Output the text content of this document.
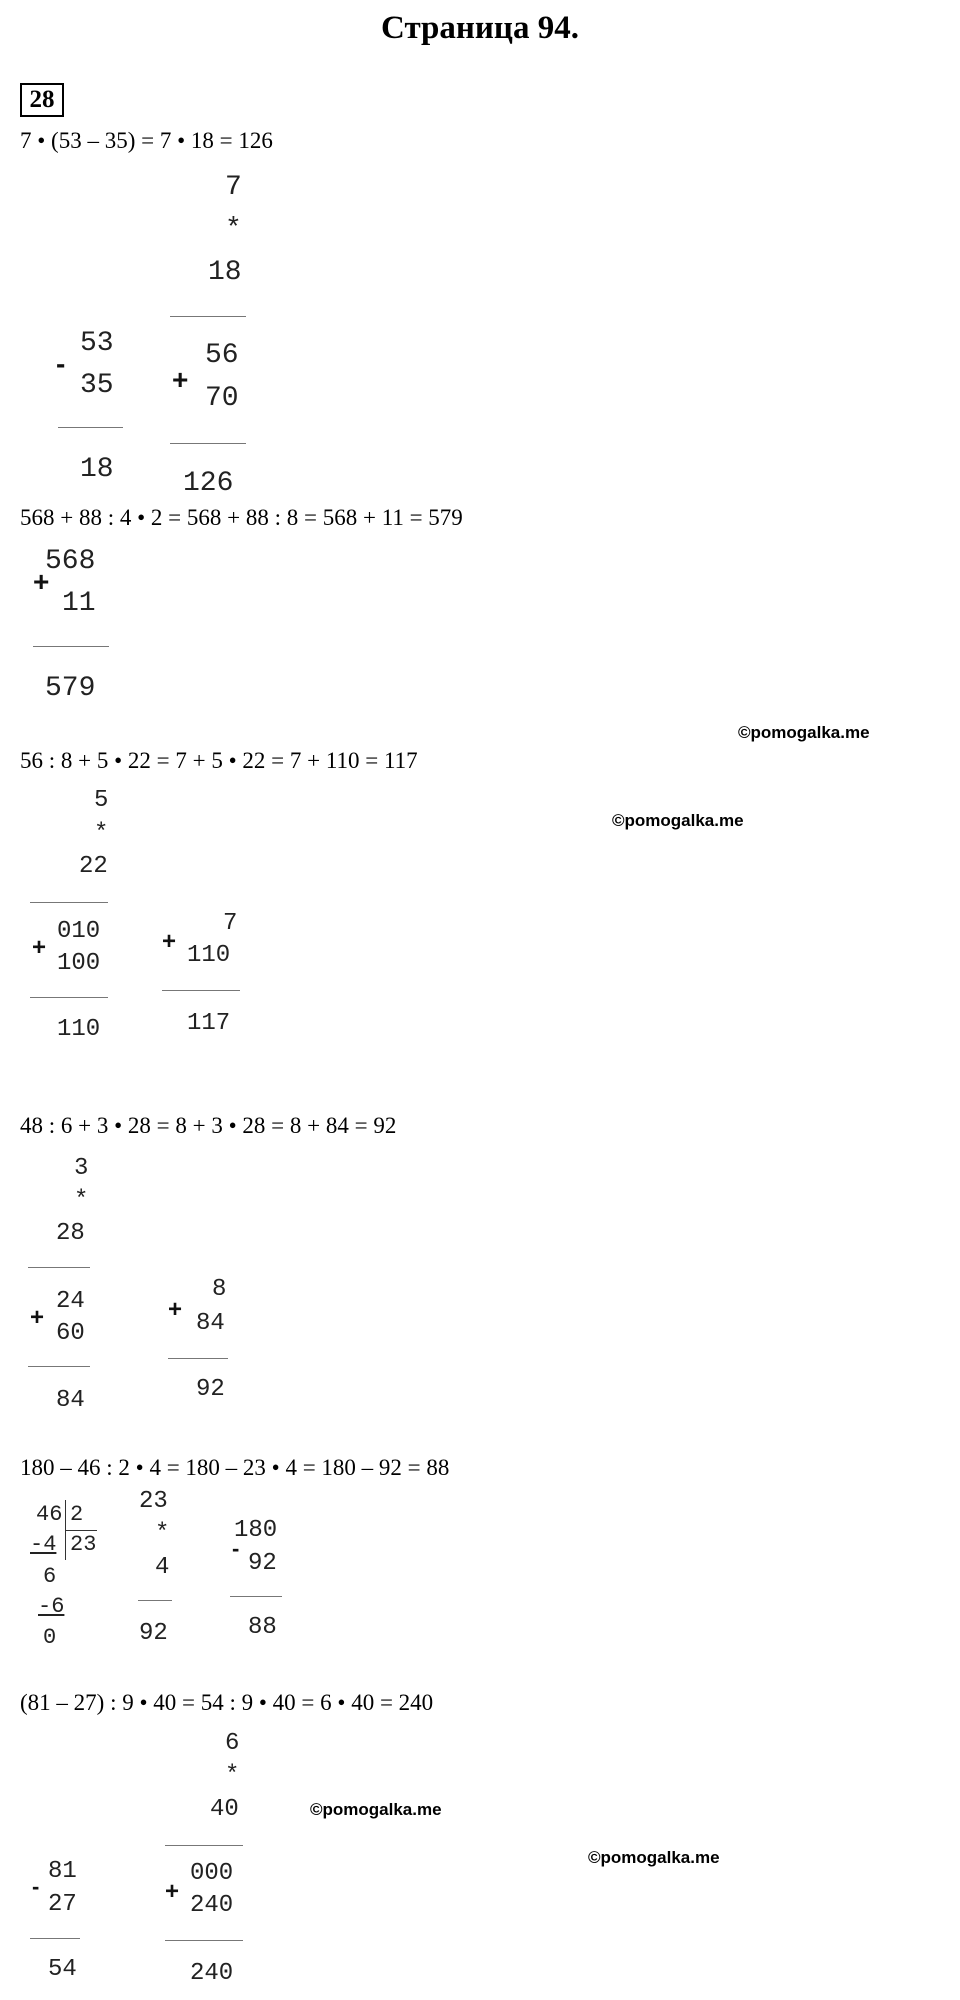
Страница 94.
28
7 • (53 – 35) = 7 • 18 = 126
-
53
35
18
7
*
18
+
56
70
126
568 + 88 : 4 • 2 = 568 + 88 : 8 = 568 + 11 = 579
+
568
11
579
©pomogalka.me
56 : 8 + 5 • 22 = 7 + 5 • 22 = 7 + 110 = 117
©pomogalka.me
5
*
22
+
010
100
110
+
7
110
117
48 : 6 + 3 • 28 = 8 + 3 • 28 = 8 + 84 = 92
3
*
28
+
24
60
84
+
8
84
92
180 – 46 : 2 • 4 = 180 – 23 • 4 = 180 – 92 = 88
46 2
23
-4
6
-6
0
23
*
4
92
-
180
92
88
(81 – 27) : 9 • 40 = 54 : 9 • 40 = 6 • 40 = 240
-
81
27
54
6
*
40	©pomogalka.me
+
000
240
240
©pomogalka.me
